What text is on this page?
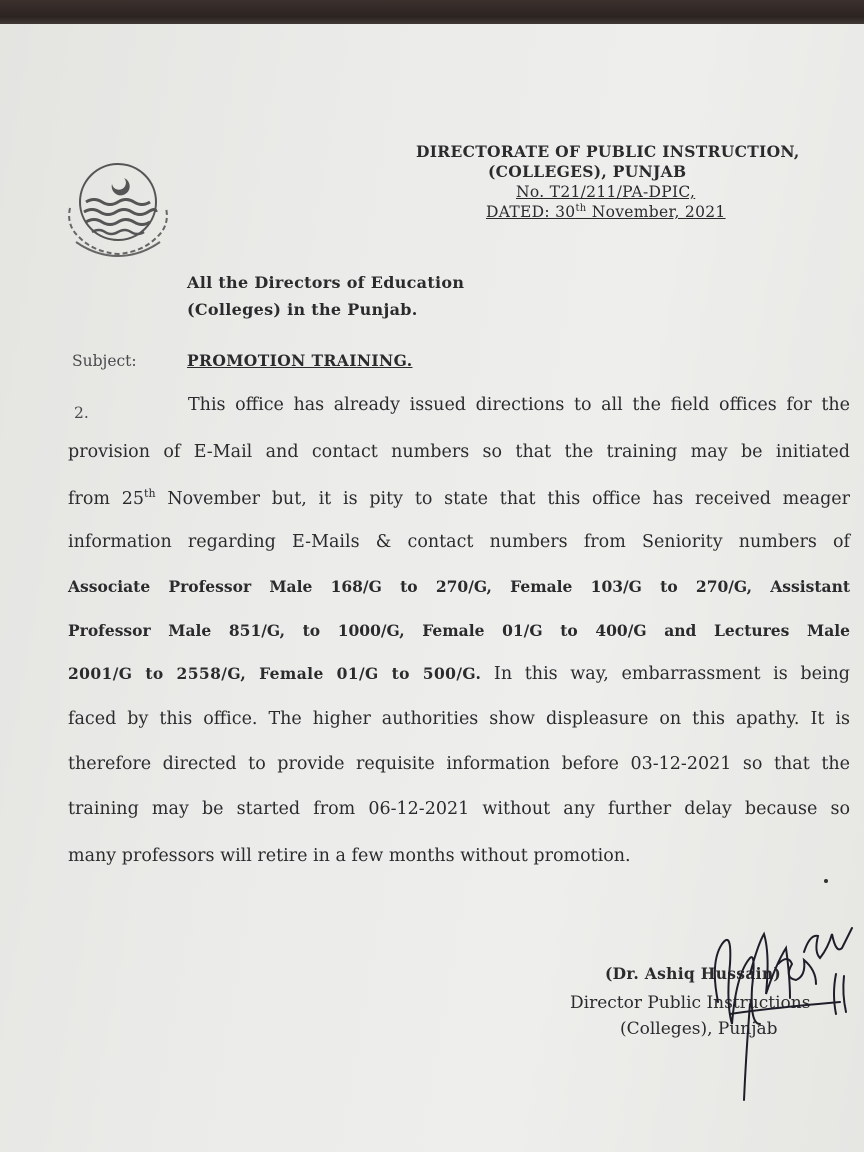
DIRECTORATE OF PUBLIC INSTRUCTION,
(COLLEGES), PUNJAB
No. T21/211/PA-DPIC,
DATED: 30th November, 2021
All the Directors of Education
(Colleges) in the Punjab.
Subject:	PROMOTION TRAINING.
2.	This office has already issued directions to all the field offices for the
provision of E-Mail and contact numbers so that the training may be initiated
from 25th November but, it is pity to state that this office has received meager
information regarding E-Mails & contact numbers from Seniority numbers of
Associate Professor Male 168/G to 270/G, Female 103/G to 270/G, Assistant
Professor Male 851/G, to 1000/G, Female 01/G to 400/G and Lectures Male
2001/G to 2558/G, Female 01/G to 500/G. In this way, embarrassment is being
faced by this office. The higher authorities show displeasure on this apathy. It is
therefore directed to provide requisite information before 03-12-2021 so that the
training may be started from 06-12-2021 without any further delay because so
many professors will retire in a few months without promotion.
(Dr. Ashiq Hussain)
Director Public Instructions
(Colleges), Punjab
